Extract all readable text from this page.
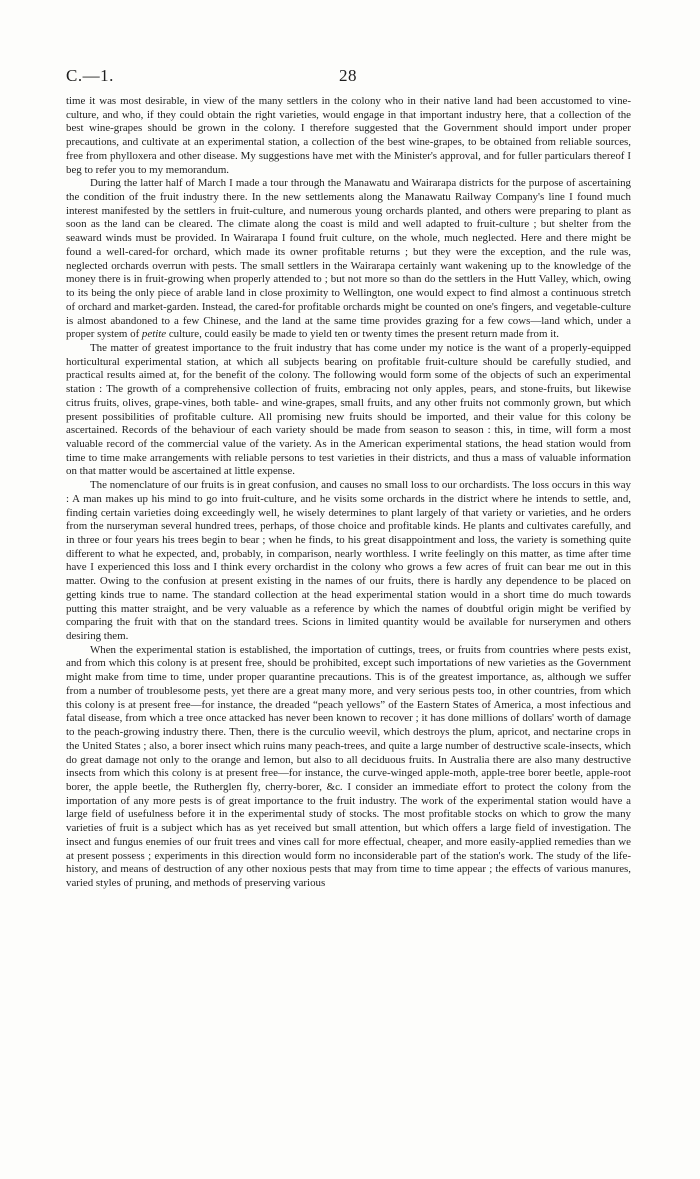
C.—1.	28

time it was most desirable, in view of the many settlers in the colony who in their native land had been accustomed to vine-culture, and who, if they could obtain the right varieties, would engage in that important industry here, that a collection of the best wine-grapes should be grown in the colony. I therefore suggested that the Government should import under proper precautions, and cultivate at an experimental station, a collection of the best wine-grapes, to be obtained from reliable sources, free from phylloxera and other disease. My suggestions have met with the Minister's approval, and for fuller particulars thereof I beg to refer you to my memorandum.

During the latter half of March I made a tour through the Manawatu and Wairarapa districts for the purpose of ascertaining the condition of the fruit industry there. In the new settlements along the Manawatu Railway Company's line I found much interest manifested by the settlers in fruit-culture, and numerous young orchards planted, and others were preparing to plant as soon as the land can be cleared. The climate along the coast is mild and well adapted to fruit-culture ; but shelter from the seaward winds must be provided. In Wairarapa I found fruit culture, on the whole, much neglected. Here and there might be found a well-cared-for orchard, which made its owner profitable returns ; but they were the exception, and the rule was, neglected orchards overrun with pests. The small settlers in the Wairarapa certainly want wakening up to the knowledge of the money there is in fruit-growing when properly attended to ; but not more so than do the settlers in the Hutt Valley, which, owing to its being the only piece of arable land in close proximity to Wellington, one would expect to find almost a continuous stretch of orchard and market-garden. Instead, the cared-for profitable orchards might be counted on one's fingers, and vegetable-culture is almost abandoned to a few Chinese, and the land at the same time provides grazing for a few cows—land which, under a proper system of petite culture, could easily be made to yield ten or twenty times the present return made from it.

The matter of greatest importance to the fruit industry that has come under my notice is the want of a properly-equipped horticultural experimental station, at which all subjects bearing on profitable fruit-culture should be carefully studied, and practical results aimed at, for the benefit of the colony. The following would form some of the objects of such an experimental station : The growth of a comprehensive collection of fruits, embracing not only apples, pears, and stone-fruits, but likewise citrus fruits, olives, grape-vines, both table- and wine-grapes, small fruits, and any other fruits not commonly grown, but which present possibilities of profitable culture. All promising new fruits should be imported, and their value for this colony be ascertained. Records of the behaviour of each variety should be made from season to season : this, in time, will form a most valuable record of the commercial value of the variety. As in the American experimental stations, the head station would from time to time make arrangements with reliable persons to test varieties in their districts, and thus a mass of valuable information on that matter would be ascertained at little expense.

The nomenclature of our fruits is in great confusion, and causes no small loss to our orchardists. The loss occurs in this way : A man makes up his mind to go into fruit-culture, and he visits some orchards in the district where he intends to settle, and, finding certain varieties doing exceedingly well, he wisely determines to plant largely of that variety or varieties, and he orders from the nurseryman several hundred trees, perhaps, of those choice and profitable kinds. He plants and cultivates carefully, and in three or four years his trees begin to bear ; when he finds, to his great disappointment and loss, the variety is something quite different to what he expected, and, probably, in comparison, nearly worthless. I write feelingly on this matter, as time after time have I experienced this loss and I think every orchardist in the colony who grows a few acres of fruit can bear me out in this matter. Owing to the confusion at present existing in the names of our fruits, there is hardly any dependence to be placed on getting kinds true to name. The standard collection at the head experimental station would in a short time do much towards putting this matter straight, and be very valuable as a reference by which the names of doubtful origin might be verified by comparing the fruit with that on the standard trees. Scions in limited quantity would be available for nurserymen and others desiring them.

When the experimental station is established, the importation of cuttings, trees, or fruits from countries where pests exist, and from which this colony is at present free, should be prohibited, except such importations of new varieties as the Government might make from time to time, under proper quarantine precautions. This is of the greatest importance, as, although we suffer from a number of troublesome pests, yet there are a great many more, and very serious pests too, in other countries, from which this colony is at present free—for instance, the dreaded “peach yellows” of the Eastern States of America, a most infectious and fatal disease, from which a tree once attacked has never been known to recover ; it has done millions of dollars' worth of damage to the peach-growing industry there. Then, there is the curculio weevil, which destroys the plum, apricot, and nectarine crops in the United States ; also, a borer insect which ruins many peach-trees, and quite a large number of destructive scale-insects, which do great damage not only to the orange and lemon, but also to all deciduous fruits. In Australia there are also many destructive insects from which this colony is at present free—for instance, the curve-winged apple-moth, apple-tree borer beetle, apple-root borer, the apple beetle, the Rutherglen fly, cherry-borer, &c. I consider an immediate effort to protect the colony from the importation of any more pests is of great importance to the fruit industry. The work of the experimental station would have a large field of usefulness before it in the experimental study of stocks. The most profitable stocks on which to grow the many varieties of fruit is a subject which has as yet received but small attention, but which offers a large field of investigation. The insect and fungus enemies of our fruit trees and vines call for more effectual, cheaper, and more easily-applied remedies than we at present possess ; experiments in this direction would form no inconsiderable part of the station's work. The study of the life-history, and means of destruction of any other noxious pests that may from time to time appear ; the effects of various manures, varied styles of pruning, and methods of preserving various
